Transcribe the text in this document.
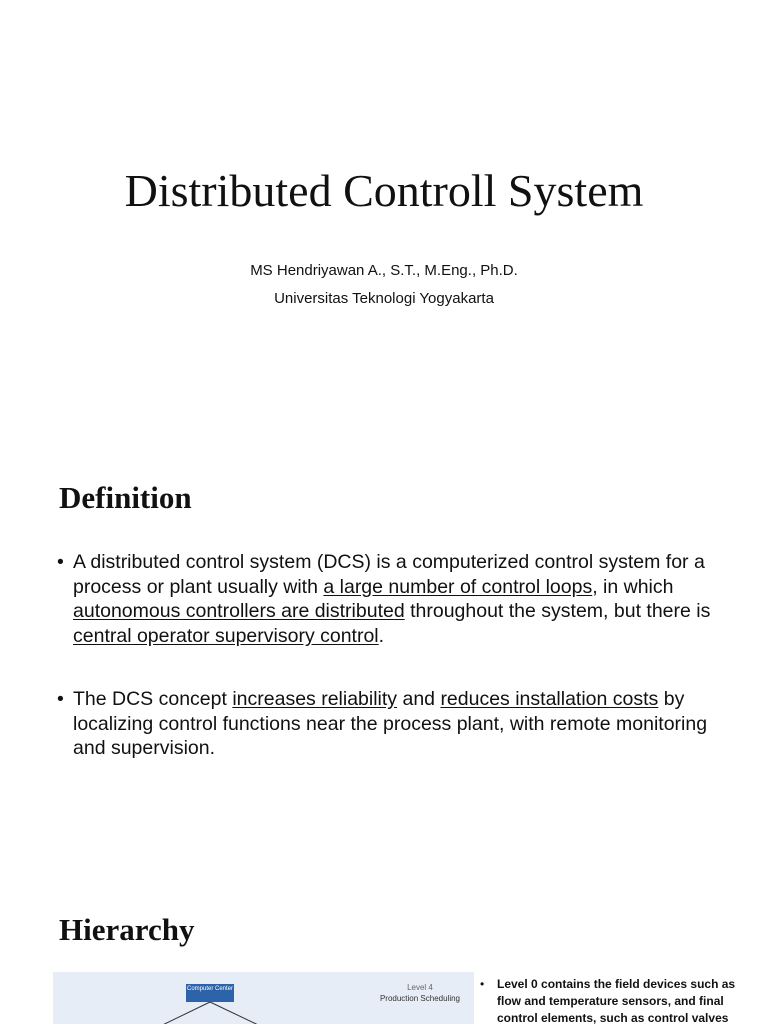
Distributed Controll System
MS Hendriyawan A., S.T., M.Eng., Ph.D.
Universitas Teknologi Yogyakarta
Definition
• A distributed control system (DCS) is a computerized control system for a process or plant usually with a large number of control loops, in which autonomous controllers are distributed throughout the system, but there is central operator supervisory control.
• The DCS concept increases reliability and reduces installation costs by localizing control functions near the process plant, with remote monitoring and supervision.
Hierarchy
Computer Center	Level 4
Production Scheduling
•	Level 0 contains the field devices such as flow and temperature sensors, and final control elements, such as control valves
